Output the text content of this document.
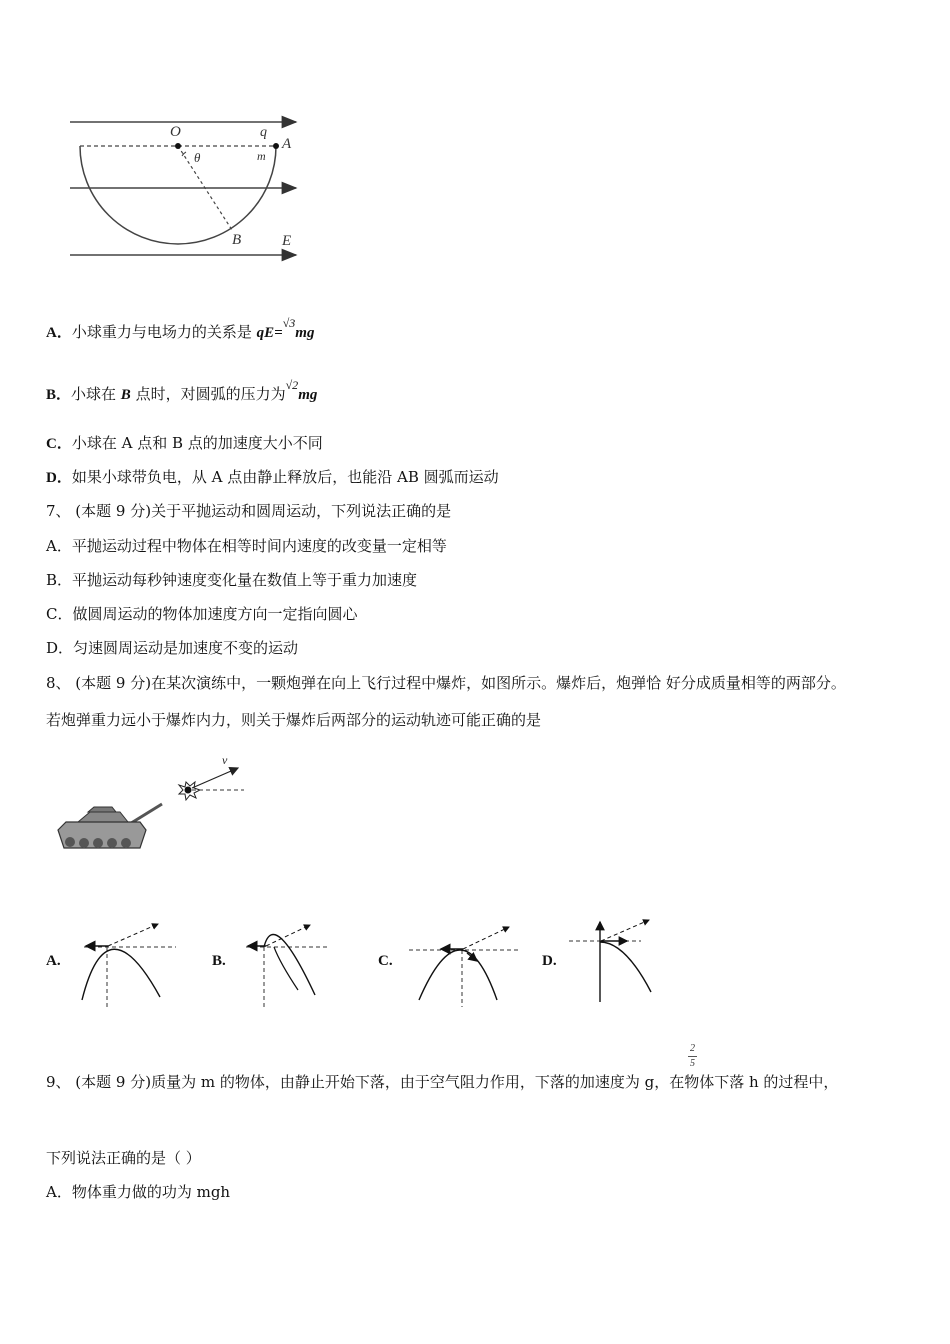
O	q
m
A
θ
B	E
A．小球重力与电场力的关系是 qE=$^{√3}$mg
B．小球在 B 点时，对圆弧的压力为$^{√2}$mg
C．小球在 A 点和 B 点的加速度大小不同
D．如果小球带负电，从 A 点由静止释放后，也能沿 AB 圆弧而运动
7、 (本题 9 分)关于平抛运动和圆周运动，下列说法正确的是
A．平抛运动过程中物体在相等时间内速度的改变量一定相等
B．平抛运动每秒钟速度变化量在数值上等于重力加速度
C．做圆周运动的物体加速度方向一定指向圆心
D．匀速圆周运动是加速度不变的运动
8、 (本题 9 分)在某次演练中，一颗炮弹在向上飞行过程中爆炸，如图所示。爆炸后，炮弹恰 好分成质量相等的两部分。
若炮弹重力远小于爆炸内力，则关于爆炸后两部分的运动轨迹可能正确的是
v
A.	B.	C.	D.
2
5
9、 (本题 9 分)质量为 m 的物体，由静止开始下落，由于空气阻力作用，下落的加速度为 g，在物体下落 h 的过程中，
下列说法正确的是（ ）
A．物体重力做的功为 mgh
